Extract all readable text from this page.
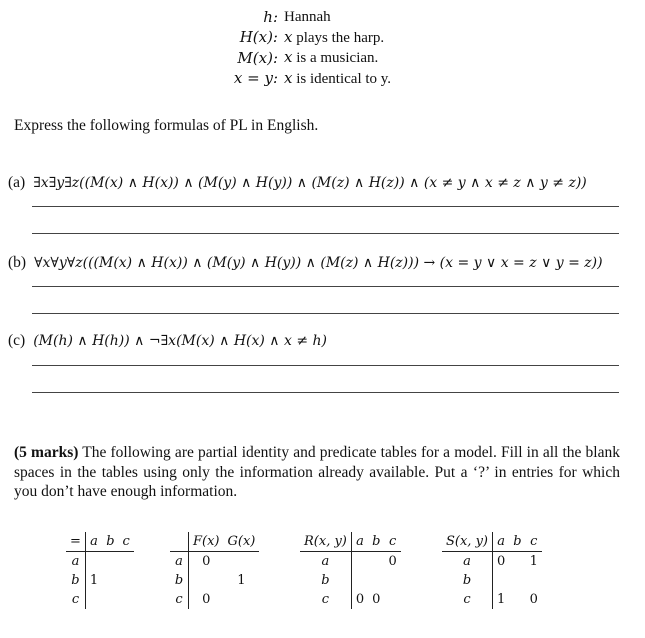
h:	Hannah
H(x):	x plays the harp.
M(x):	x is a musician.
x = y:	x is identical to y.
Express the following formulas of PL in English.
(a) ∃x∃y∃z((M(x) ∧ H(x)) ∧ (M(y) ∧ H(y)) ∧ (M(z) ∧ H(z)) ∧ (x ≠ y ∧ x ≠ z ∧ y ≠ z))
(b) ∀x∀y∀z(((M(x) ∧ H(x)) ∧ (M(y) ∧ H(y)) ∧ (M(z) ∧ H(z))) → (x = y ∨ x = z ∨ y = z))
(c) (M(h) ∧ H(h)) ∧ ¬∃x(M(x) ∧ H(x) ∧ x ≠ h)
(5 marks) The following are partial identity and predicate tables for a model. Fill in all the blank spaces in the tables using only the information already available. Put a ‘?’ in entries for which you don’t have enough information.
=	a	b	c
a			
b	1		
c			
	F(x)	G(x)
a	0	
b		1
c	0	
R(x, y)	a	b	c
a			0
b			
c	0	0	
S(x, y)	a	b	c
a	0		1
b			
c	1		0
